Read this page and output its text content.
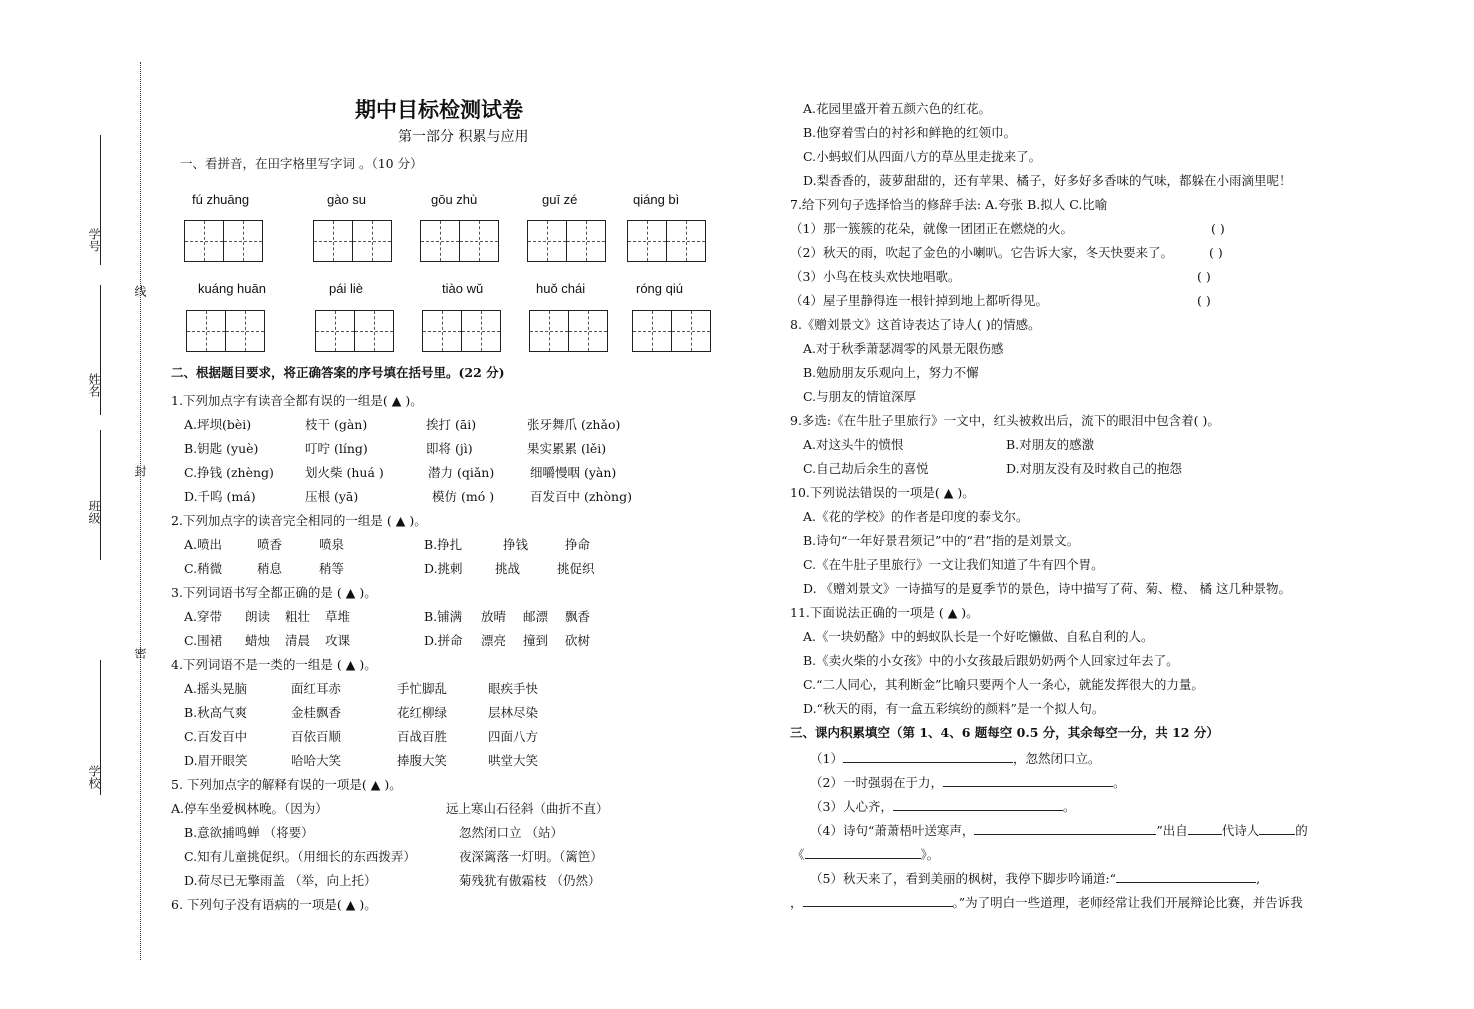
学号
姓名
班级
学校
线
封
密
期中目标检测试卷
第一部分 积累与应用
一、看拼音，在田字格里写字词 。（10 分）
fú zhuāng	gào su	gōu zhù	guī zé	qiáng bì
kuáng huān	pái liè	tiào wǔ	huǒ chái	róng qiú
二、根据题目要求，将正确答案的序号填在括号里。(22 分)
1.下列加点字有读音全都有误的一组是( ▲ )。
A.坪坝(bèi)	枝干 (gàn)	挨打 (āi)	张牙舞爪 (zhǎo)
B.钥匙 (yuè)	叮咛 (líng)	即将 (jì)	果实累累 (lěi)
C.挣钱 (zhèng) 划火柴 (huá )	潜力 (qiǎn)	细嚼慢咽 (yàn)
D.千呜 (má)	压根 (yā)	模仿 (mó )	百发百中 (zhòng)
2.下列加点字的读音完全相同的一组是 ( ▲ )。
A.喷出	喷香	喷泉	B.挣扎	挣钱	挣命
C.稍微	稍息	稍等	D.挑剌	挑战	挑促织
3.下列词语书写全都正确的是 ( ▲ )。
A.穿带 朗读 粗壮 草堆	B.铺满 放晴 邮漂 飘香
C.围裙 蜡烛 清晨 攻课	D.拼命 漂亮 撞到 砍树
4.下列词语不是一类的一组是 ( ▲ )。
A.摇头晃脑	面红耳赤	手忙脚乱	眼疾手快
B.秋高气爽	金桂飘香	花红柳绿	层林尽染
C.百发百中	百依百顺	百战百胜	四面八方
D.眉开眼笑	哈哈大笑	捧腹大笑	哄堂大笑
5. 下列加点字的解释有误的一项是( ▲ )。
A.停车坐爱枫林晚。（因为）	远上寒山石径斜（曲折不直）
B.意欲捕鸣蝉 （将要）	忽然闭口立 （站）
C.知有儿童挑促织。（用细长的东西拨弄）	夜深篱落一灯明。（篱笆）
D.荷尽已无擎雨盖 （举，向上托）	菊残犹有傲霜枝 （仍然）
6. 下列句子没有语病的一项是( ▲ )。
A.花园里盛开着五颜六色的红花。
B.他穿着雪白的衬衫和鲜艳的红领巾。
C.小蚂蚁们从四面八方的草丛里走拢来了。
D.梨香香的，菠萝甜甜的，还有苹果、橘子，好多好多香味的气味，都躲在小雨滴里呢！
7.给下列句子选择恰当的修辞手法: A.夸张 B.拟人 C.比喻
（1）那一簇簇的花朵，就像一团团正在燃烧的火。	( )
（2）秋天的雨，吹起了金色的小喇叭。它告诉大家，冬天快要来了。	( )
（3）小鸟在枝头欢快地唱歌。	( )
（4）屋子里静得连一根针掉到地上都听得见。	( )
8.《赠刘景文》这首诗表达了诗人( )的情感。
A.对于秋季萧瑟凋零的风景无限伤感
B.勉励朋友乐观向上，努力不懈
C.与朋友的情谊深厚
9.多选:《在牛肚子里旅行》一文中，红头被救出后，流下的眼泪中包含着( )。
A.对这头牛的愤恨	B.对朋友的感激
C.自己劫后余生的喜悦	D.对朋友没有及时救自己的抱怨
10.下列说法错误的一项是( ▲ )。
A.《花的学校》的作者是印度的泰戈尔。
B.诗句“一年好景君须记”中的“君”指的是刘景文。
C.《在牛肚子里旅行》一文让我们知道了牛有四个胃。
D. 《赠刘景文》一诗描写的是夏季节的景色，诗中描写了荷、菊、橙、 橘 这几种景物。
11.下面说法正确的一项是 ( ▲ )。
A.《一块奶酪》中的蚂蚁队长是一个好吃懒做、自私自利的人。
B.《卖火柴的小女孩》中的小女孩最后跟奶奶两个人回家过年去了。
C.“二人同心，其利断金”比喻只要两个人一条心，就能发挥很大的力量。
D.“秋天的雨，有一盒五彩缤纷的颜料”是一个拟人句。
三、课内积累填空（第 1、4、6 题每空 0.5 分，其余每空一分，共 12 分）
（1）	，忽然闭口立。
（2）一时强弱在于力，	。
（3）人心齐，	。
（4）诗句“萧萧梧叶送寒声，	”出自	代诗人	的
《	》。
（5）秋天来了，看到美丽的枫树，我停下脚步吟诵道:“	,
，	。”为了明白一些道理，老师经常让我们开展辩论比赛，并告诉我
